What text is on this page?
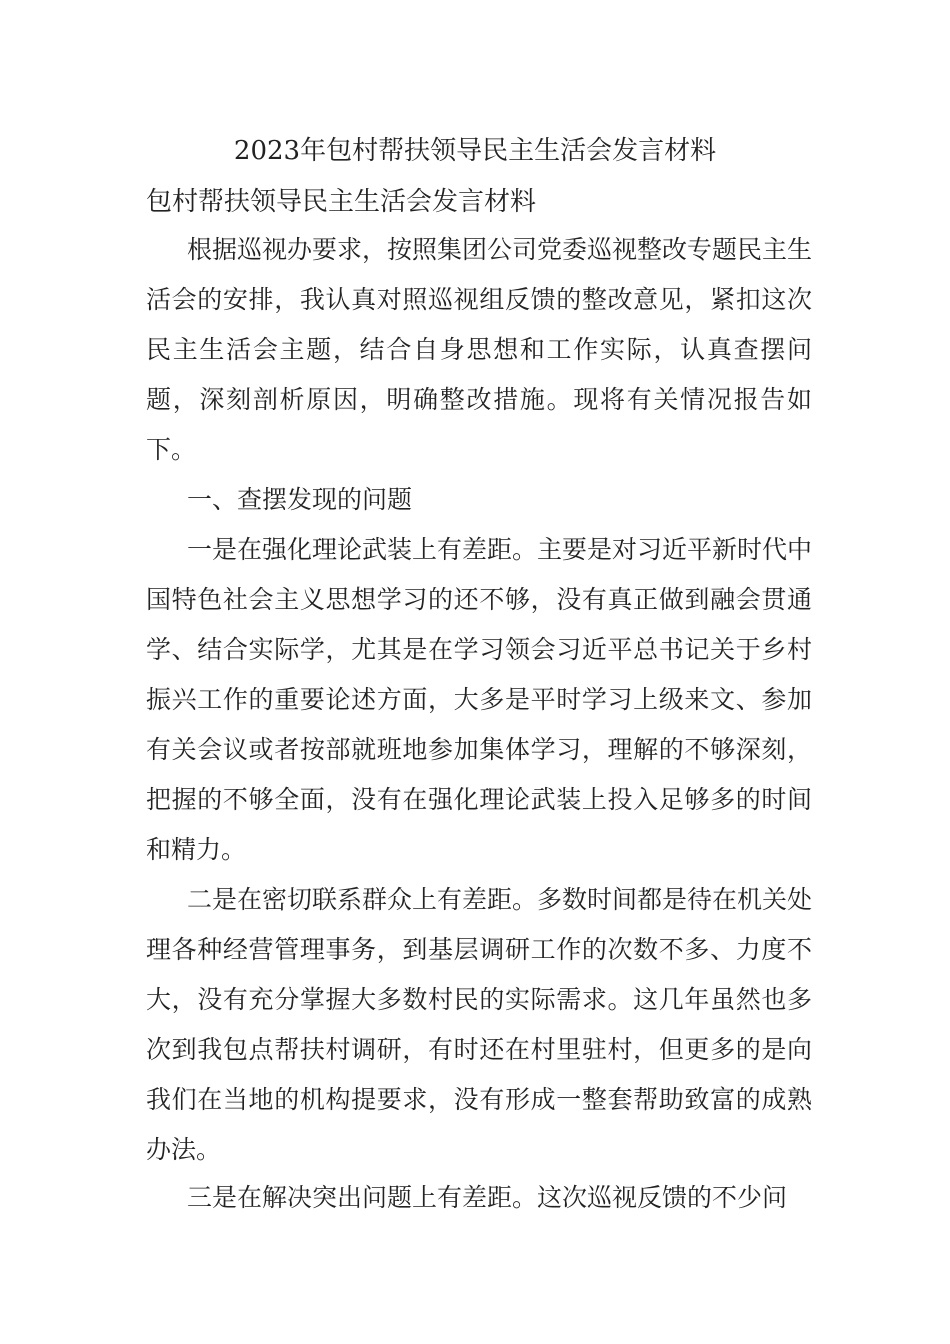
2023年包村帮扶领导民主生活会发言材料
包村帮扶领导民主生活会发言材料

根据巡视办要求，按照集团公司党委巡视整改专题民主生活会的安排，我认真对照巡视组反馈的整改意见，紧扣这次民主生活会主题，结合自身思想和工作实际，认真查摆问题，深刻剖析原因，明确整改措施。现将有关情况报告如下。

一、查摆发现的问题

一是在强化理论武装上有差距。主要是对习近平新时代中国特色社会主义思想学习的还不够，没有真正做到融会贯通学、结合实际学，尤其是在学习领会习近平总书记关于乡村振兴工作的重要论述方面，大多是平时学习上级来文、参加有关会议或者按部就班地参加集体学习，理解的不够深刻，把握的不够全面，没有在强化理论武装上投入足够多的时间和精力。

二是在密切联系群众上有差距。多数时间都是待在机关处理各种经营管理事务，到基层调研工作的次数不多、力度不大，没有充分掌握大多数村民的实际需求。这几年虽然也多次到我包点帮扶村调研，有时还在村里驻村，但更多的是向我们在当地的机构提要求，没有形成一整套帮助致富的成熟办法。

三是在解决突出问题上有差距。这次巡视反馈的不少问
